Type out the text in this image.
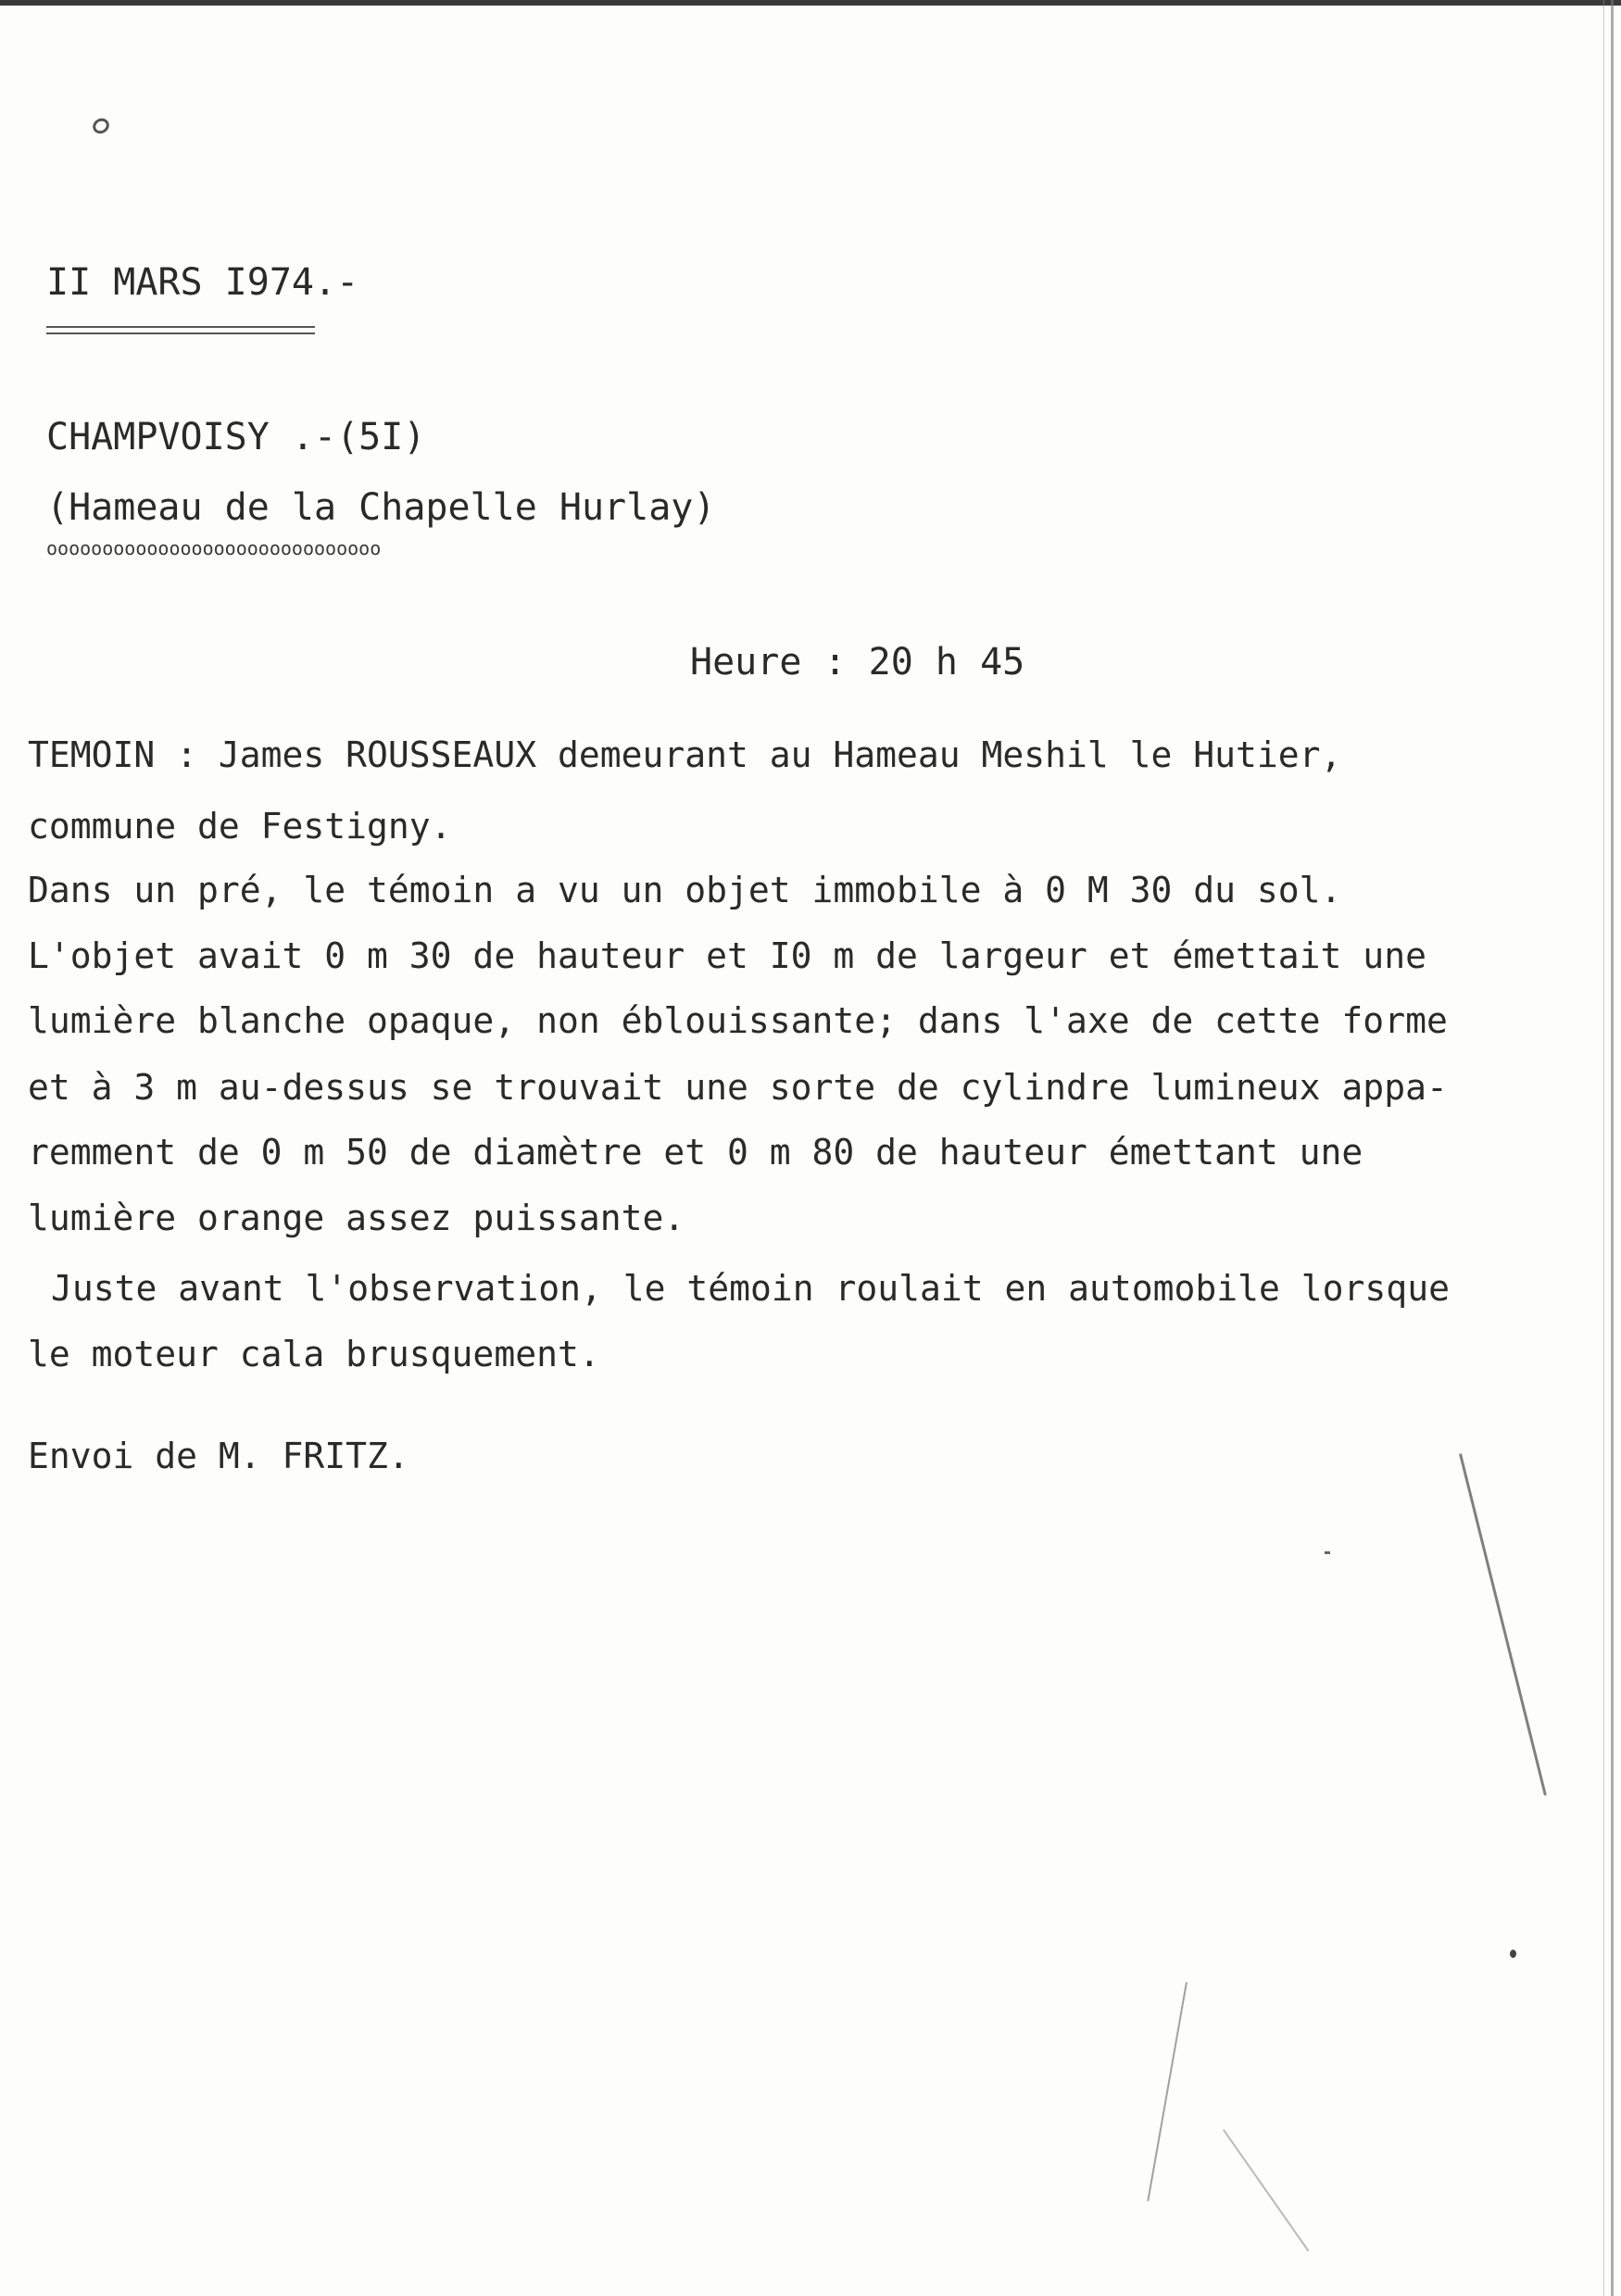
II MARS I974.-
CHAMPVOISY .-(5I)
(Hameau de la Chapelle Hurlay)
oooooooooooooooooooooooooooooo
Heure : 20 h 45
TEMOIN : James ROUSSEAUX demeurant au Hameau Meshil le Hutier,
commune de Festigny.
Dans un pré, le témoin a vu un objet immobile à 0 M 30 du sol.
L'objet avait 0 m 30 de hauteur et I0 m de largeur et émettait une
lumière blanche opaque, non éblouissante; dans l'axe de cette forme
et à 3 m au-dessus se trouvait une sorte de cylindre lumineux appa-
remment de 0 m 50 de diamètre et 0 m 80 de hauteur émettant une
lumière orange assez puissante.
Juste avant l'observation, le témoin roulait en automobile lorsque
le moteur cala brusquement.
Envoi de M. FRITZ.
